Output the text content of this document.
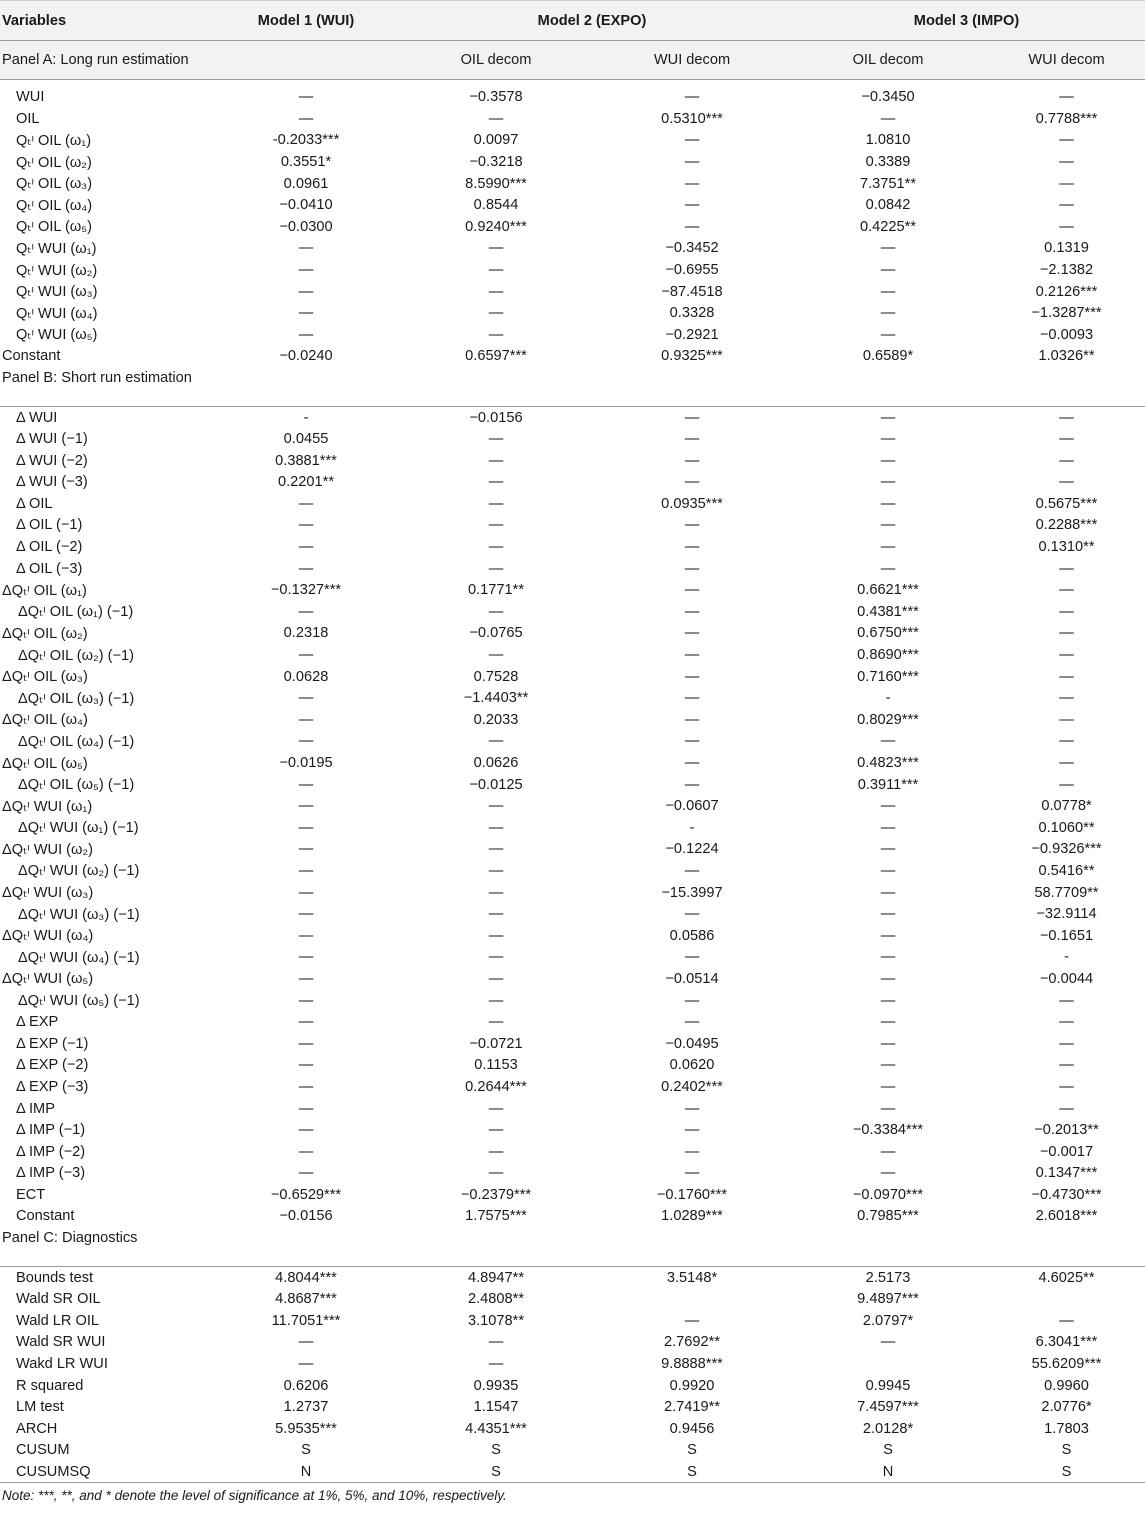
Variables	Model 1 (WUI)	Model 2 (EXPO)		Model 3 (IMPO)	
Panel A: Long run estimation		OIL decom	WUI decom	OIL decom	WUI decom

WUI	—	−0.3578	—	−0.3450	—
OIL	—	—	0.5310***	—	0.7788***
Qₜᶦ OIL (ω₁)	-0.2033***	0.0097	—	1.0810	—
Qₜᶦ OIL (ω₂)	0.3551*	−0.3218	—	0.3389	—
Qₜᶦ OIL (ω₃)	0.0961	8.5990***	—	7.3751**	—
Qₜᶦ OIL (ω₄)	−0.0410	0.8544	—	0.0842	—
Qₜᶦ OIL (ω₅)	−0.0300	0.9240***	—	0.4225**	—
Qₜᶦ WUI (ω₁)	—	—	−0.3452	—	0.1319
Qₜᶦ WUI (ω₂)	—	—	−0.6955	—	−2.1382
Qₜᶦ WUI (ω₃)	—	—	−87.4518	—	0.2126***
Qₜᶦ WUI (ω₄)	—	—	0.3328	—	−1.3287***
Qₜᶦ WUI (ω₅)	—	—	−0.2921	—	−0.0093
Constant	−0.0240	0.6597***	0.9325***	0.6589*	1.0326**
Panel B: Short run estimation					

Δ WUI	-	−0.0156	—	—	—
Δ WUI (−1)	0.0455	—	—	—	—
Δ WUI (−2)	0.3881***	—	—	—	—
Δ WUI (−3)	0.2201**	—	—	—	—
Δ OIL	—	—	0.0935***	—	0.5675***
Δ OIL (−1)	—	—	—	—	0.2288***
Δ OIL (−2)	—	—	—	—	0.1310**
Δ OIL (−3)	—	—	—	—	—
ΔQₜᶦ OIL (ω₁)	−0.1327***	0.1771**	—	0.6621***	—
ΔQₜᶦ OIL (ω₁) (−1)	—	—	—	0.4381***	—
ΔQₜᶦ OIL (ω₂)	0.2318	−0.0765	—	0.6750***	—
ΔQₜᶦ OIL (ω₂) (−1)	—	—	—	0.8690***	—
ΔQₜᶦ OIL (ω₃)	0.0628	0.7528	—	0.7160***	—
ΔQₜᶦ OIL (ω₃) (−1)	—	−1.4403**	—	-	—
ΔQₜᶦ OIL (ω₄)	—	0.2033	—	0.8029***	—
ΔQₜᶦ OIL (ω₄) (−1)	—	—	—	—	—
ΔQₜᶦ OIL (ω₅)	−0.0195	0.0626	—	0.4823***	—
ΔQₜᶦ OIL (ω₅) (−1)	—	−0.0125	—	0.3911***	—
ΔQₜᶦ WUI (ω₁)	—	—	−0.0607	—	0.0778*
ΔQₜᶦ WUI (ω₁) (−1)	—	—	-	—	0.1060**
ΔQₜᶦ WUI (ω₂)	—	—	−0.1224	—	−0.9326***
ΔQₜᶦ WUI (ω₂) (−1)	—	—	—	—	0.5416**
ΔQₜᶦ WUI (ω₃)	—	—	−15.3997	—	58.7709**
ΔQₜᶦ WUI (ω₃) (−1)	—	—	—	—	−32.9114
ΔQₜᶦ WUI (ω₄)	—	—	0.0586	—	−0.1651
ΔQₜᶦ WUI (ω₄) (−1)	—	—	—	—	-
ΔQₜᶦ WUI (ω₅)	—	—	−0.0514	—	−0.0044
ΔQₜᶦ WUI (ω₅) (−1)	—	—	—	—	—
Δ EXP	—	—	—	—	—
Δ EXP (−1)	—	−0.0721	−0.0495	—	—
Δ EXP (−2)	—	0.1153	0.0620	—	—
Δ EXP (−3)	—	0.2644***	0.2402***	—	—
Δ IMP	—	—	—	—	—
Δ IMP (−1)	—	—	—	−0.3384***	−0.2013**
Δ IMP (−2)	—	—	—	—	−0.0017
Δ IMP (−3)	—	—	—	—	0.1347***
ECT	−0.6529***	−0.2379***	−0.1760***	−0.0970***	−0.4730***
Constant	−0.0156	1.7575***	1.0289***	0.7985***	2.6018***
Panel C: Diagnostics					

Bounds test	4.8044***	4.8947**	3.5148*	2.5173	4.6025**
Wald SR OIL	4.8687***	2.4808**		9.4897***	
Wald LR OIL	11.7051***	3.1078**	—	2.0797*	—
Wald SR WUI	—	—	2.7692**	—	6.3041***
Wakd LR WUI	—	—	9.8888***		55.6209***
R squared	0.6206	0.9935	0.9920	0.9945	0.9960
LM test	1.2737	1.1547	2.7419**	7.4597***	2.0776*
ARCH	5.9535***	4.4351***	0.9456	2.0128*	1.7803
CUSUM	S	S	S	S	S
CUSUMSQ	N	S	S	N	S
Note: ***, **, and * denote the level of significance at 1%, 5%, and 10%, respectively.
